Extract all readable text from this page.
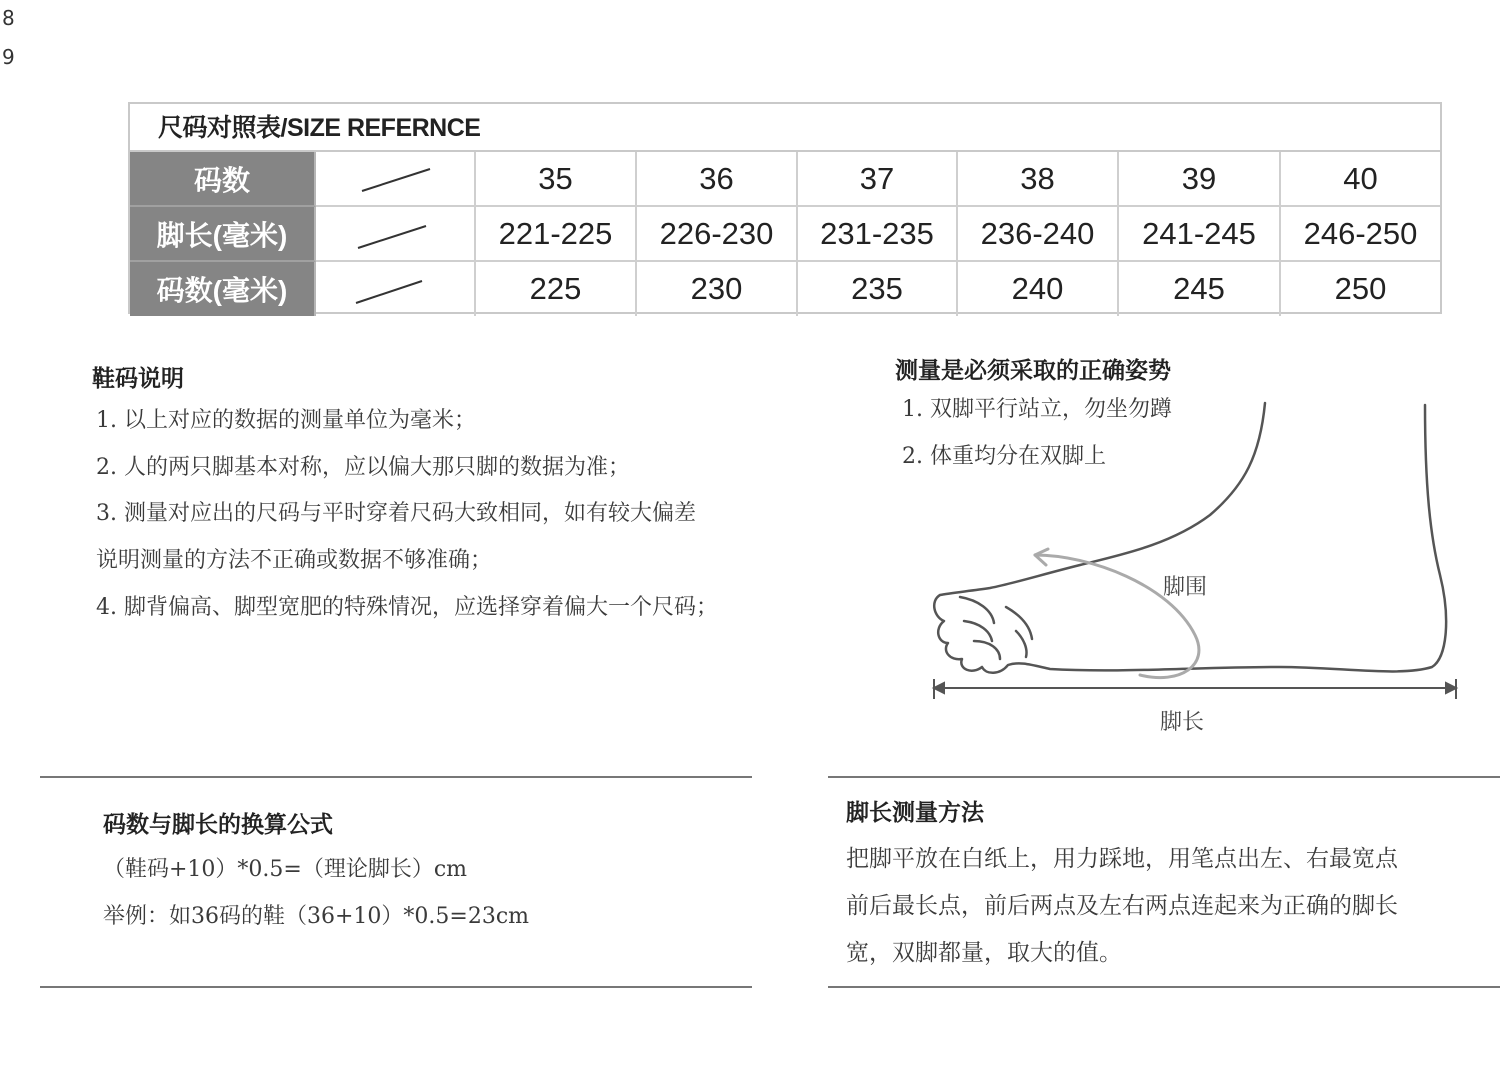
8
9
尺码对照表/SIZE REFERNCE
码数	35	36	37	38	39	40
脚长(毫米)	221-225	226-230	231-235	236-240	241-245	246-250
码数(毫米)	225	230	235	240	245	250
鞋码说明
1. 以上对应的数据的测量单位为毫米；
2. 人的两只脚基本对称，应以偏大那只脚的数据为准；
3. 测量对应出的尺码与平时穿着尺码大致相同，如有较大偏差
说明测量的方法不正确或数据不够准确；
4. 脚背偏高、脚型宽肥的特殊情况，应选择穿着偏大一个尺码；
测量是必须采取的正确姿势
1. 双脚平行站立，勿坐勿蹲
2. 体重均分在双脚上
脚围
脚长
码数与脚长的换算公式
（鞋码+10）*0.5=（理论脚长）cm
举例：如36码的鞋（36+10）*0.5=23cm
脚长测量方法
把脚平放在白纸上，用力踩地，用笔点出左、右最宽点
前后最长点，前后两点及左右两点连起来为正确的脚长
宽，双脚都量，取大的值。
